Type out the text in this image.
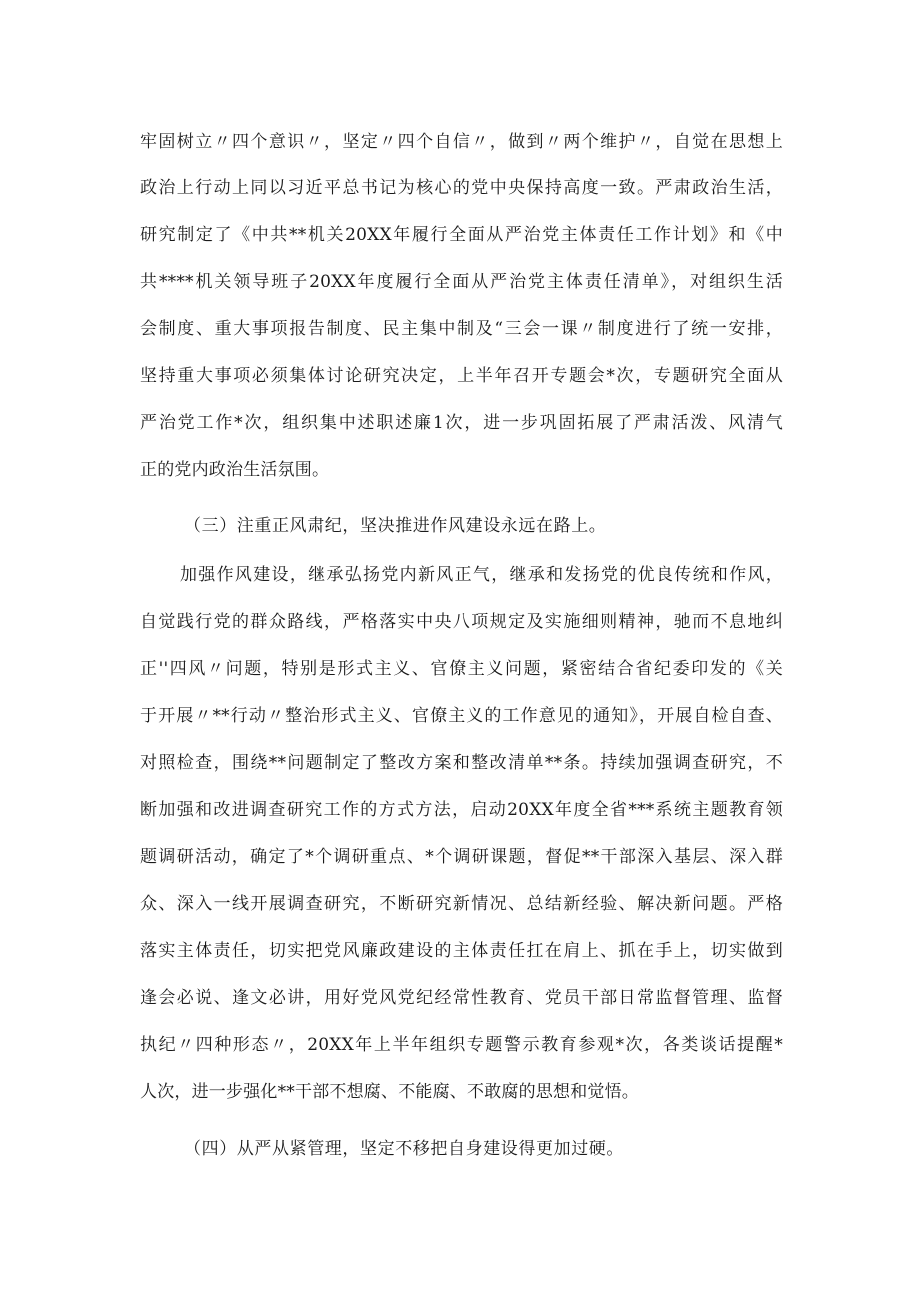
牢固树立〃四个意识〃，坚定〃四个自信〃，做到〃两个维护〃，自觉在思想上
政治上行动上同以习近平总书记为核心的党中央保持高度一致。严肃政治生活，
研究制定了《中共**机关20XX年履行全面从严治党主体责任工作计划》和《中
共****机关领导班子20XX年度履行全面从严治党主体责任清单》，对组织生活
会制度、重大事项报告制度、民主集中制及“三会一课〃制度进行了统一安排，
坚持重大事项必须集体讨论研究决定，上半年召开专题会*次，专题研究全面从
严治党工作*次，组织集中述职述廉1次，进一步巩固拓展了严肃活泼、风清气
正的党内政治生活氛围。
（三）注重正风肃纪，坚决推进作风建设永远在路上。
加强作风建设，继承弘扬党内新风正气，继承和发扬党的优良传统和作风，
自觉践行党的群众路线，严格落实中央八项规定及实施细则精神，驰而不息地纠
正''四风〃问题，特别是形式主义、官僚主义问题，紧密结合省纪委印发的《关
于开展〃**行动〃整治形式主义、官僚主义的工作意见的通知》，开展自检自查、
对照检查，围绕**问题制定了整改方案和整改清单**条。持续加强调查研究，不
断加强和改进调查研究工作的方式方法，启动20XX年度全省***系统主题教育领
题调研活动，确定了*个调研重点、*个调研课题，督促**干部深入基层、深入群
众、深入一线开展调查研究，不断研究新情况、总结新经验、解决新问题。严格
落实主体责任，切实把党风廉政建设的主体责任扛在肩上、抓在手上，切实做到
逢会必说、逢文必讲，用好党风党纪经常性教育、党员干部日常监督管理、监督
执纪〃四种形态〃，20XX年上半年组织专题警示教育参观*次，各类谈话提醒*
人次，进一步强化**干部不想腐、不能腐、不敢腐的思想和觉悟。
（四）从严从紧管理，坚定不移把自身建设得更加过硬。
